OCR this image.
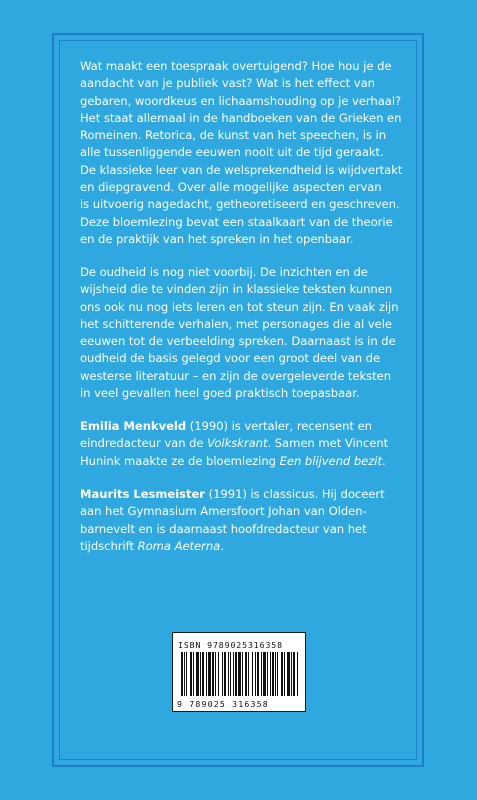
Wat maakt een toespraak overtuigend? Hoe hou je de

aandacht van je publiek vast? Wat is het effect van

gebaren, woordkeus en lichaamshouding op je verhaal?

Het staat allemaal in de handboeken van de Grieken en

Romeinen. Retorica, de kunst van het speechen, is in

alle tussenliggende eeuwen nooit uit de tijd geraakt.

De klassieke leer van de welsprekendheid is wijdvertakt

en diepgravend. Over alle mogelijke aspecten ervan

is uitvoerig nagedacht, getheoretiseerd en geschreven.

Deze bloemlezing bevat een staalkaart van de theorie

en de praktijk van het spreken in het openbaar.

De oudheid is nog niet voorbij. De inzichten en de

wijsheid die te vinden zijn in klassieke teksten kunnen

ons ook nu nog iets leren en tot steun zijn. En vaak zijn

het schitterende verhalen, met personages die al vele

eeuwen tot de verbeelding spreken. Daarnaast is in de

oudheid de basis gelegd voor een groot deel van de

westerse literatuur – en zijn de overgeleverde teksten

in veel gevallen heel goed praktisch toepasbaar.

Emilia Menkveld (1990) is vertaler, recensent en

eindredacteur van de Volkskrant. Samen met Vincent

Hunink maakte ze de bloemlezing Een blijvend bezit.

Maurits Lesmeister (1991) is classicus. Hij doceert

aan het Gymnasium Amersfoort Johan van Olden-

barnevelt en is daarnaast hoofdredacteur van het

tijdschrift Roma Aeterna.

ISBN 9789025316358
9 789025 316358
